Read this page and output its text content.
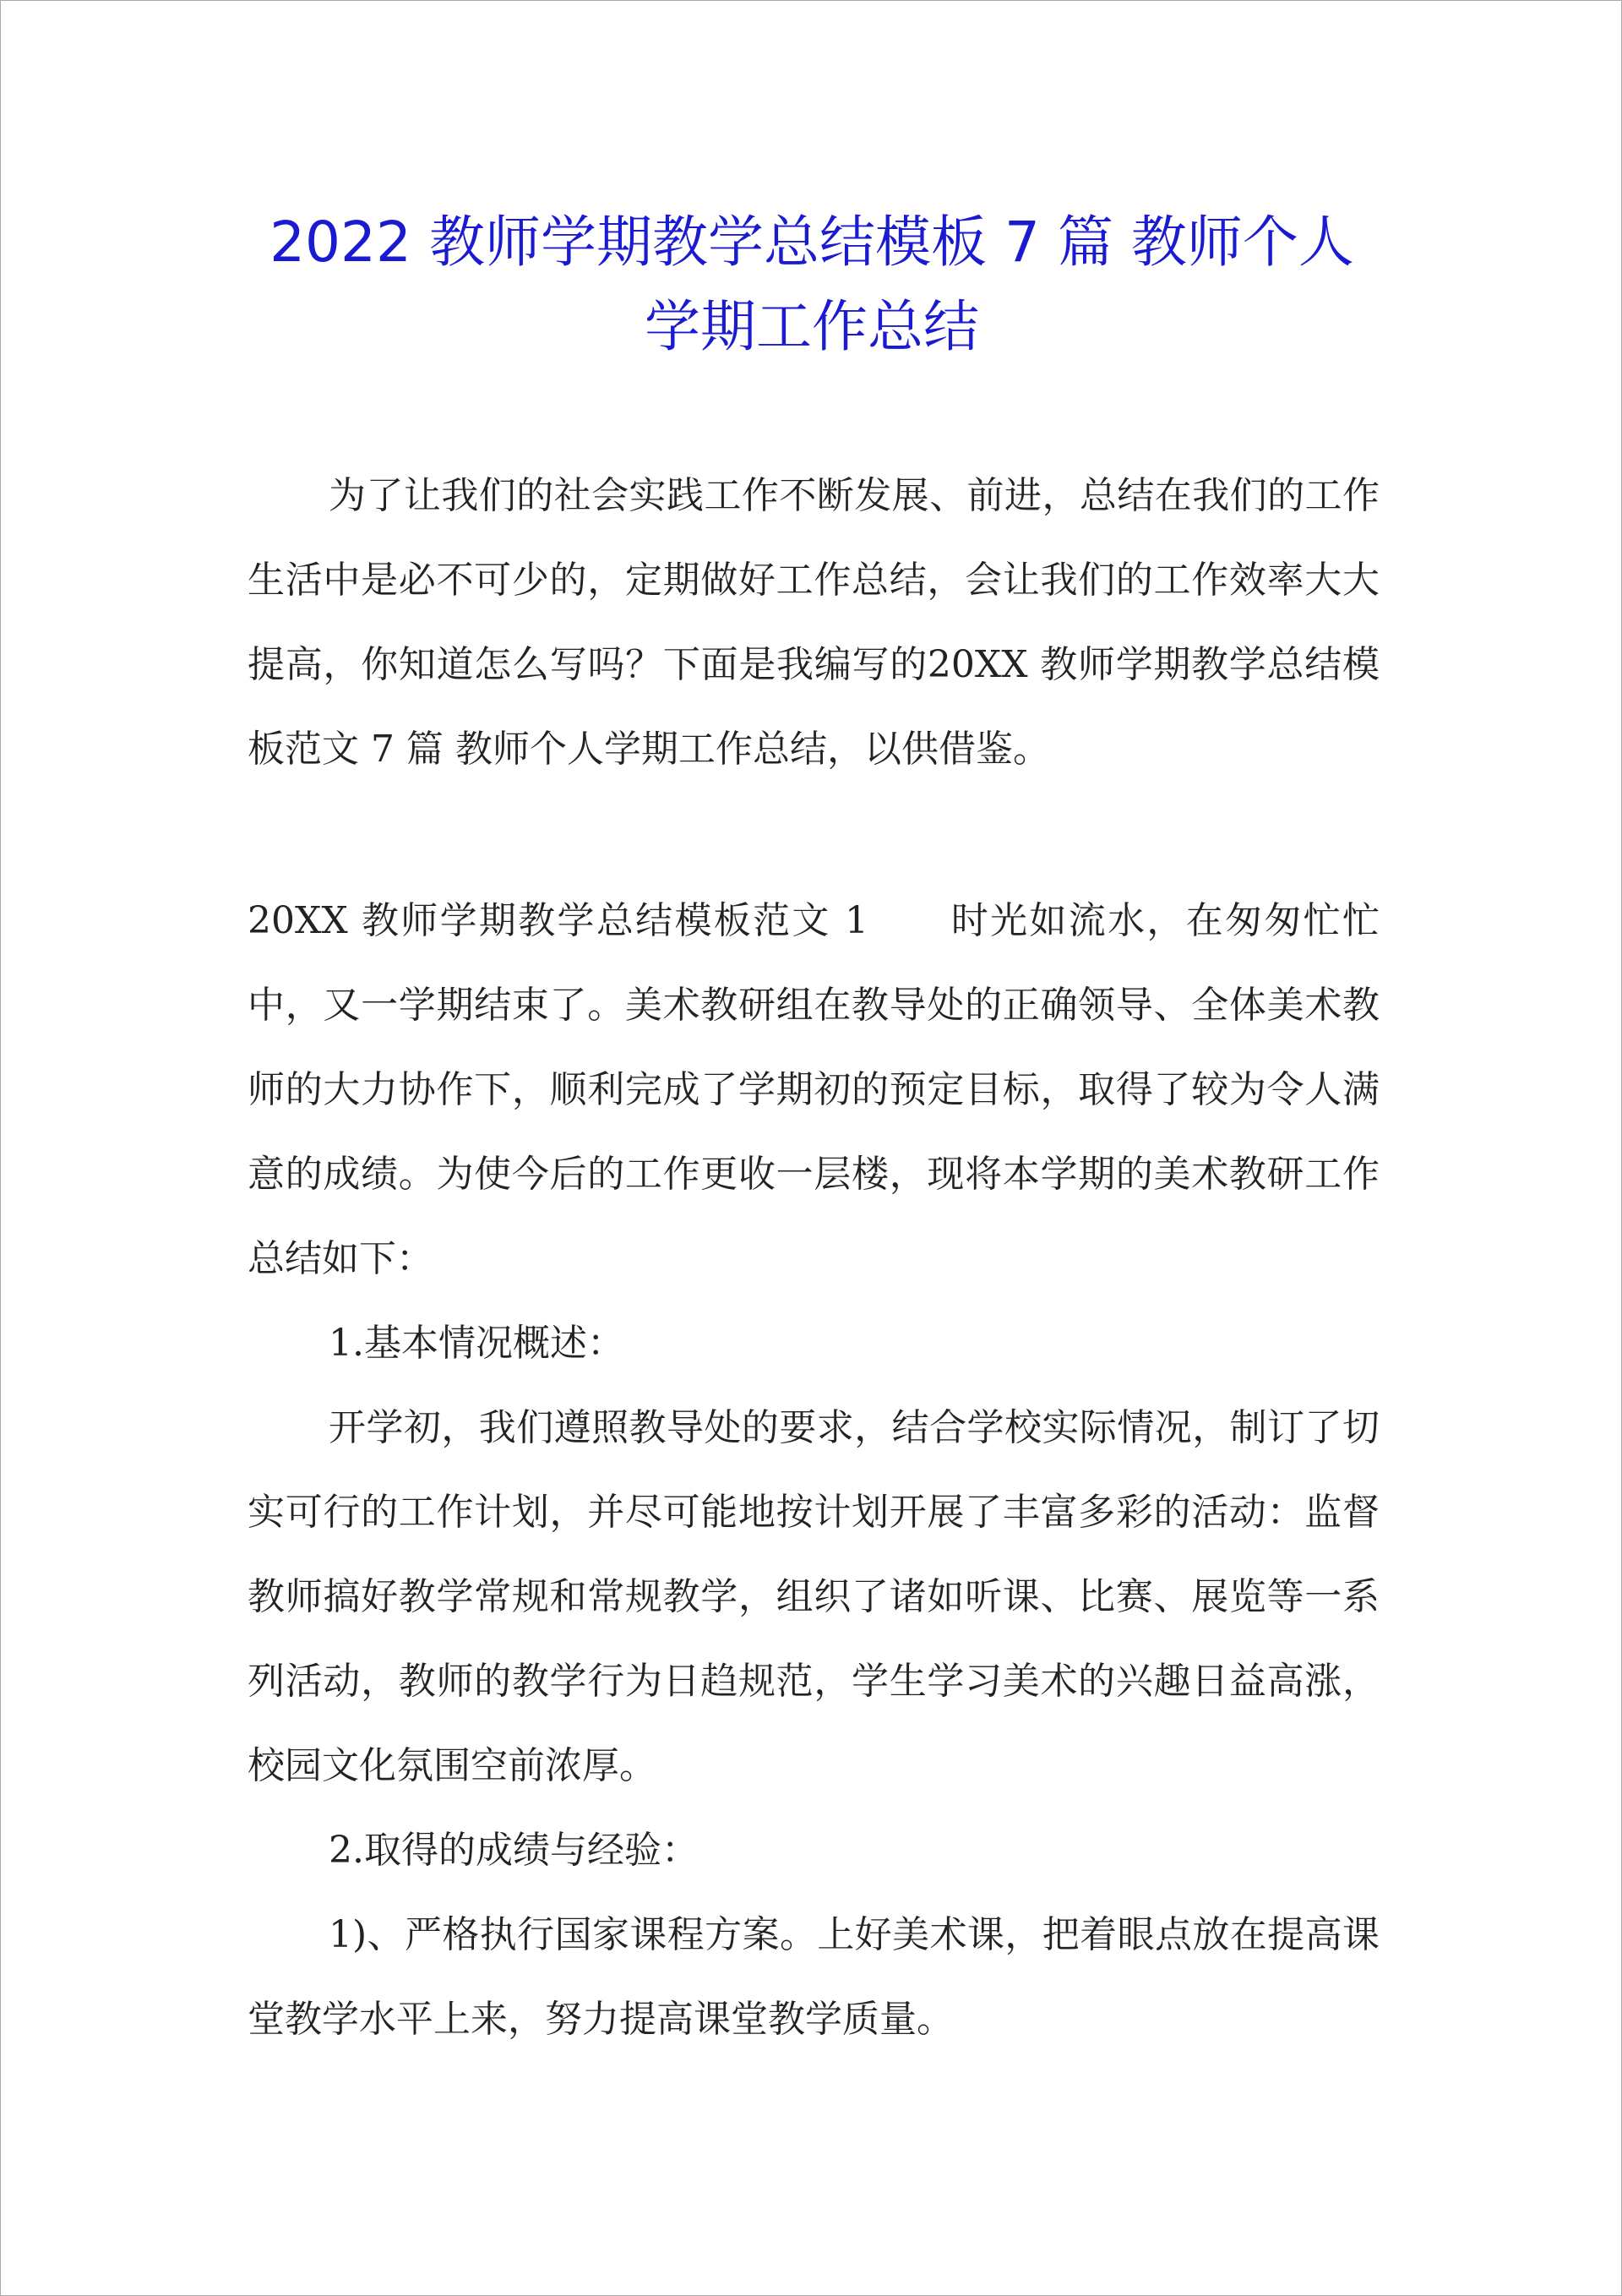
2022 教师学期教学总结模板 7 篇 教师个人
学期工作总结

为了让我们的社会实践工作不断发展、前进，总结在我们的工作生活中是必不可少的，定期做好工作总结，会让我们的工作效率大大提高，你知道怎么写吗？下面是我编写的20XX 教师学期教学总结模板范文 7 篇 教师个人学期工作总结，以供借鉴。

20XX 教师学期教学总结模板范文 1 时光如流水，在匆匆忙忙中，又一学期结束了。美术教研组在教导处的正确领导、全体美术教师的大力协作下，顺利完成了学期初的预定目标，取得了较为令人满意的成绩。为使今后的工作更收一层楼，现将本学期的美术教研工作总结如下：

1.基本情况概述：

开学初，我们遵照教导处的要求，结合学校实际情况，制订了切实可行的工作计划，并尽可能地按计划开展了丰富多彩的活动：监督教师搞好教学常规和常规教学，组织了诸如听课、比赛、展览等一系列活动，教师的教学行为日趋规范，学生学习美术的兴趣日益高涨，校园文化氛围空前浓厚。

2.取得的成绩与经验：

1)、严格执行国家课程方案。上好美术课，把着眼点放在提高课堂教学水平上来，努力提高课堂教学质量。
